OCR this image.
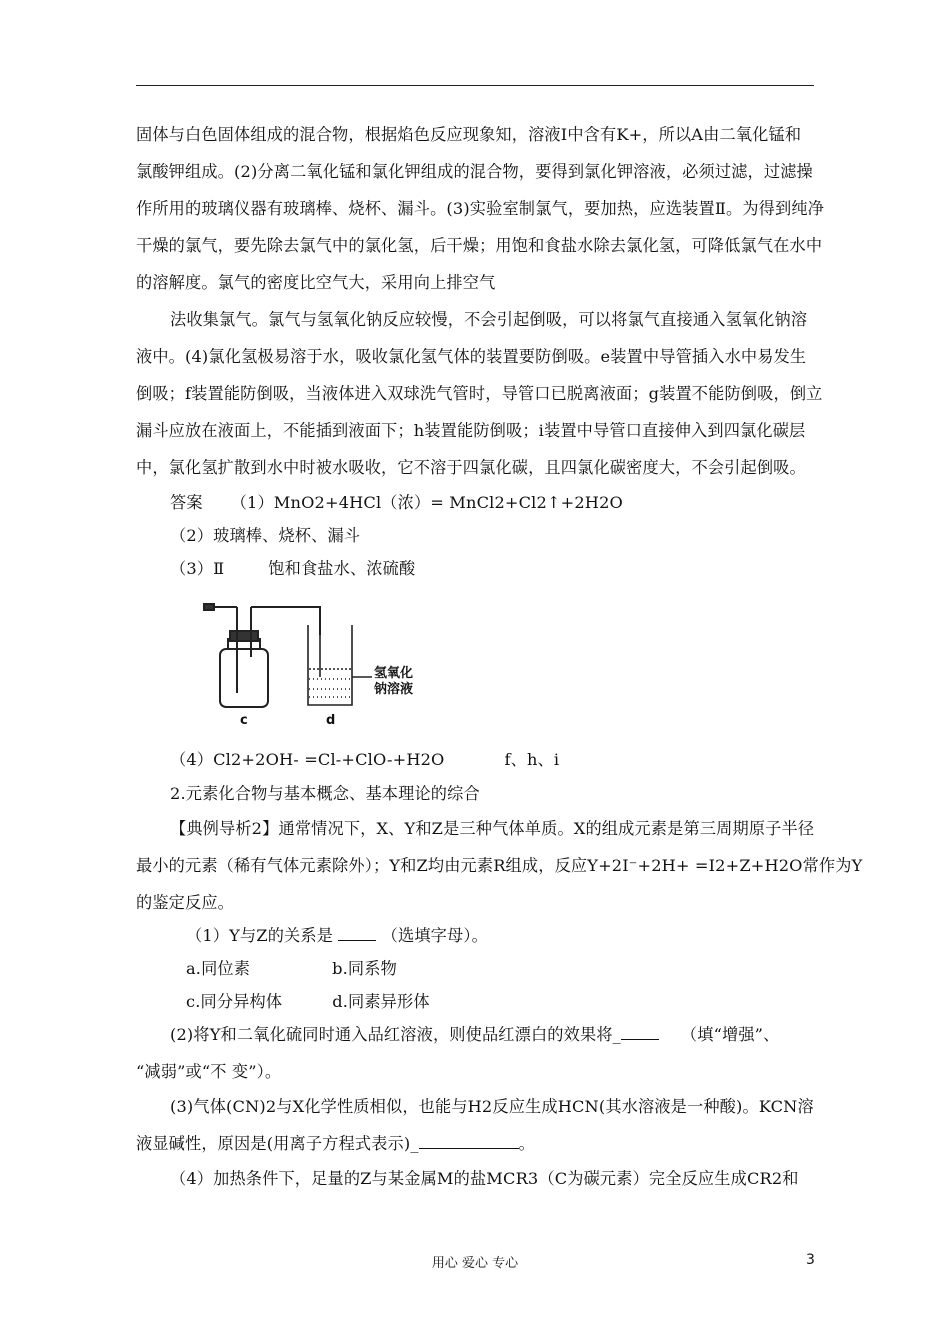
固体与白色固体组成的混合物，根据焰色反应现象知，溶液Ⅰ中含有K+，所以A由二氧化锰和
氯酸钾组成。(2)分离二氧化锰和氯化钾组成的混合物，要得到氯化钾溶液，必须过滤，过滤操
作所用的玻璃仪器有玻璃棒、烧杯、漏斗。(3)实验室制氯气，要加热，应选装置Ⅱ。为得到纯净
干燥的氯气，要先除去氯气中的氯化氢，后干燥；用饱和食盐水除去氯化氢，可降低氯气在水中
的溶解度。氯气的密度比空气大，采用向上排空气
法收集氯气。氯气与氢氧化钠反应较慢，不会引起倒吸，可以将氯气直接通入氢氧化钠溶
液中。(4)氯化氢极易溶于水，吸收氯化氢气体的装置要防倒吸。e装置中导管插入水中易发生
倒吸；f装置能防倒吸，当液体进入双球洗气管时，导管口已脱离液面；g装置不能防倒吸，倒立
漏斗应放在液面上，不能插到液面下；h装置能防倒吸；i装置中导管口直接伸入到四氯化碳层
中，氯化氢扩散到水中时被水吸收，它不溶于四氯化碳，且四氯化碳密度大，不会引起倒吸。
答案 （1）MnO2+4HCl（浓）= MnCl2+Cl2↑+2H2O
（2）玻璃棒、烧杯、漏斗
（3）Ⅱ	饱和食盐水、浓硫酸
c	d
氢氧化
钠溶液
（4）Cl2+2OH- =Cl-+ClO-+H2O	f、h、i
2.元素化合物与基本概念、基本理论的综合
【典例导析2】通常情况下，X、Y和Z是三种气体单质。X的组成元素是第三周期原子半径
最小的元素（稀有气体元素除外）；Y和Z均由元素R组成，反应Y+2I⁻+2H+ =I2+Z+H2O常作为Y
的鉴定反应。
（1）Y与Z的关系是	（选填字母）。
a.同位素	b.同系物
c.同分异构体	d.同素异形体
(2)将Y和二氧化硫同时通入品红溶液，则使品红漂白的效果将_	（填“增强”、
“减弱”或“不 变”）。
(3)气体(CN)2与X化学性质相似，也能与H2反应生成HCN(其水溶液是一种酸)。KCN溶
液显碱性，原因是(用离子方程式表示)_	。
（4）加热条件下，足量的Z与某金属M的盐MCR3（C为碳元素）完全反应生成CR2和
用心 爱心 专心	3
